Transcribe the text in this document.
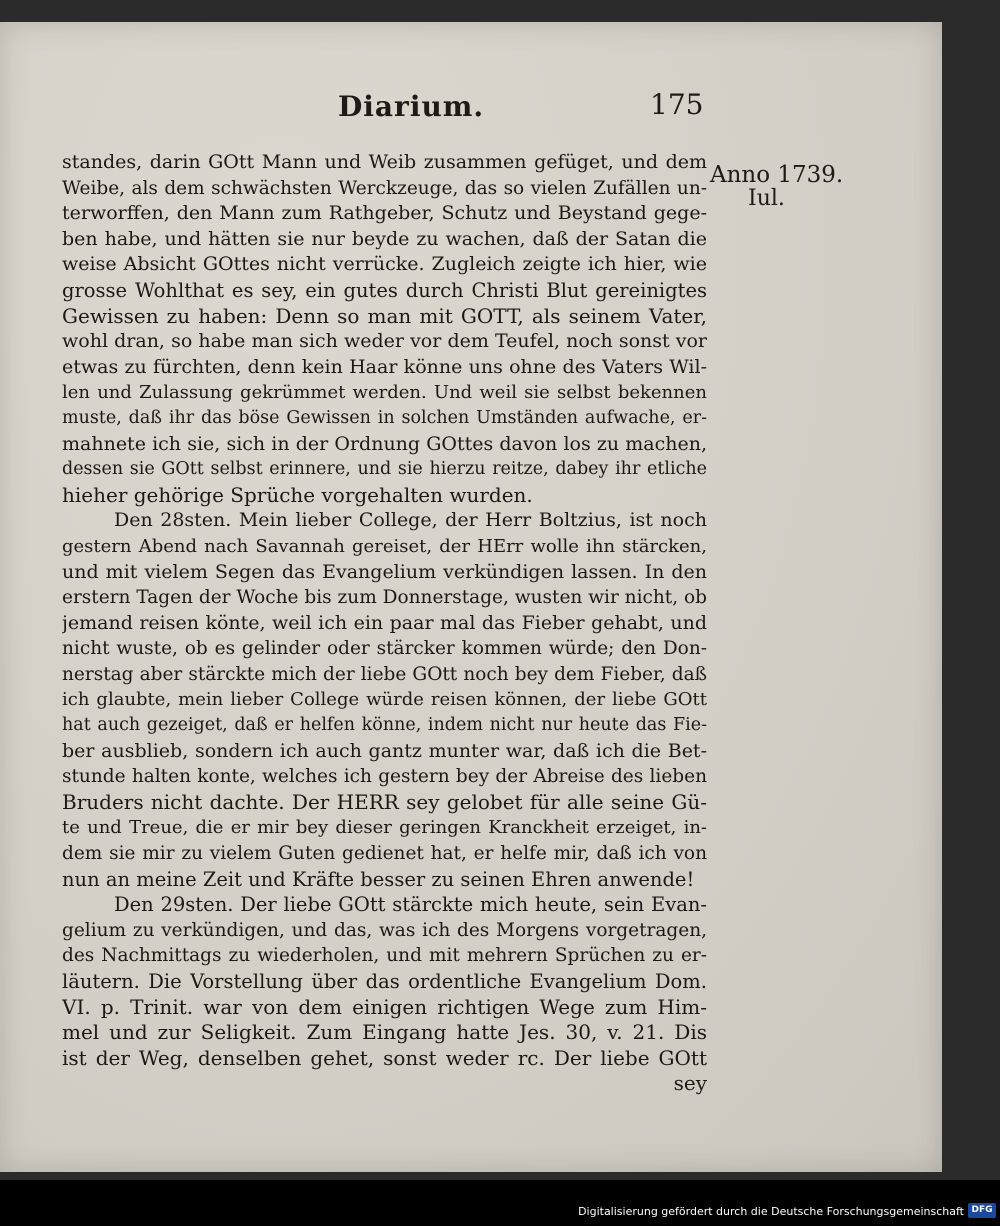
Diarium.	175
Anno 1739.
Iul.
standes, darin GOtt Mann und Weib zusammen gefüget, und dem
Weibe, als dem schwächsten Werckzeuge, das so vielen Zufällen un-
terworffen, den Mann zum Rathgeber, Schutz und Beystand gege-
ben habe, und hätten sie nur beyde zu wachen, daß der Satan die
weise Absicht GOttes nicht verrücke. Zugleich zeigte ich hier, wie
grosse Wohlthat es sey, ein gutes durch Christi Blut gereinigtes
Gewissen zu haben: Denn so man mit GOTT, als seinem Vater,
wohl dran, so habe man sich weder vor dem Teufel, noch sonst vor
etwas zu fürchten, denn kein Haar könne uns ohne des Vaters Wil-
len und Zulassung gekrümmet werden. Und weil sie selbst bekennen
muste, daß ihr das böse Gewissen in solchen Umständen aufwache, er-
mahnete ich sie, sich in der Ordnung GOttes davon los zu machen,
dessen sie GOtt selbst erinnere, und sie hierzu reitze, dabey ihr etliche
hieher gehörige Sprüche vorgehalten wurden.
Den 28sten. Mein lieber College, der Herr Boltzius, ist noch
gestern Abend nach Savannah gereiset, der HErr wolle ihn stärcken,
und mit vielem Segen das Evangelium verkündigen lassen. In den
erstern Tagen der Woche bis zum Donnerstage, wusten wir nicht, ob
jemand reisen könte, weil ich ein paar mal das Fieber gehabt, und
nicht wuste, ob es gelinder oder stärcker kommen würde; den Don-
nerstag aber stärckte mich der liebe GOtt noch bey dem Fieber, daß
ich glaubte, mein lieber College würde reisen können, der liebe GOtt
hat auch gezeiget, daß er helfen könne, indem nicht nur heute das Fie-
ber ausblieb, sondern ich auch gantz munter war, daß ich die Bet-
stunde halten konte, welches ich gestern bey der Abreise des lieben
Bruders nicht dachte. Der HERR sey gelobet für alle seine Gü-
te und Treue, die er mir bey dieser geringen Kranckheit erzeiget, in-
dem sie mir zu vielem Guten gedienet hat, er helfe mir, daß ich von
nun an meine Zeit und Kräfte besser zu seinen Ehren anwende!
Den 29sten. Der liebe GOtt stärckte mich heute, sein Evan-
gelium zu verkündigen, und das, was ich des Morgens vorgetragen,
des Nachmittags zu wiederholen, und mit mehrern Sprüchen zu er-
läutern. Die Vorstellung über das ordentliche Evangelium Dom.
VI. p. Trinit. war von dem einigen richtigen Wege zum Him-
mel und zur Seligkeit. Zum Eingang hatte Jes. 30, v. 21. Dis
ist der Weg, denselben gehet, sonst weder rc. Der liebe GOtt
sey
Digitalisierung gefördert durch die Deutsche Forschungsgemeinschaft DFG
